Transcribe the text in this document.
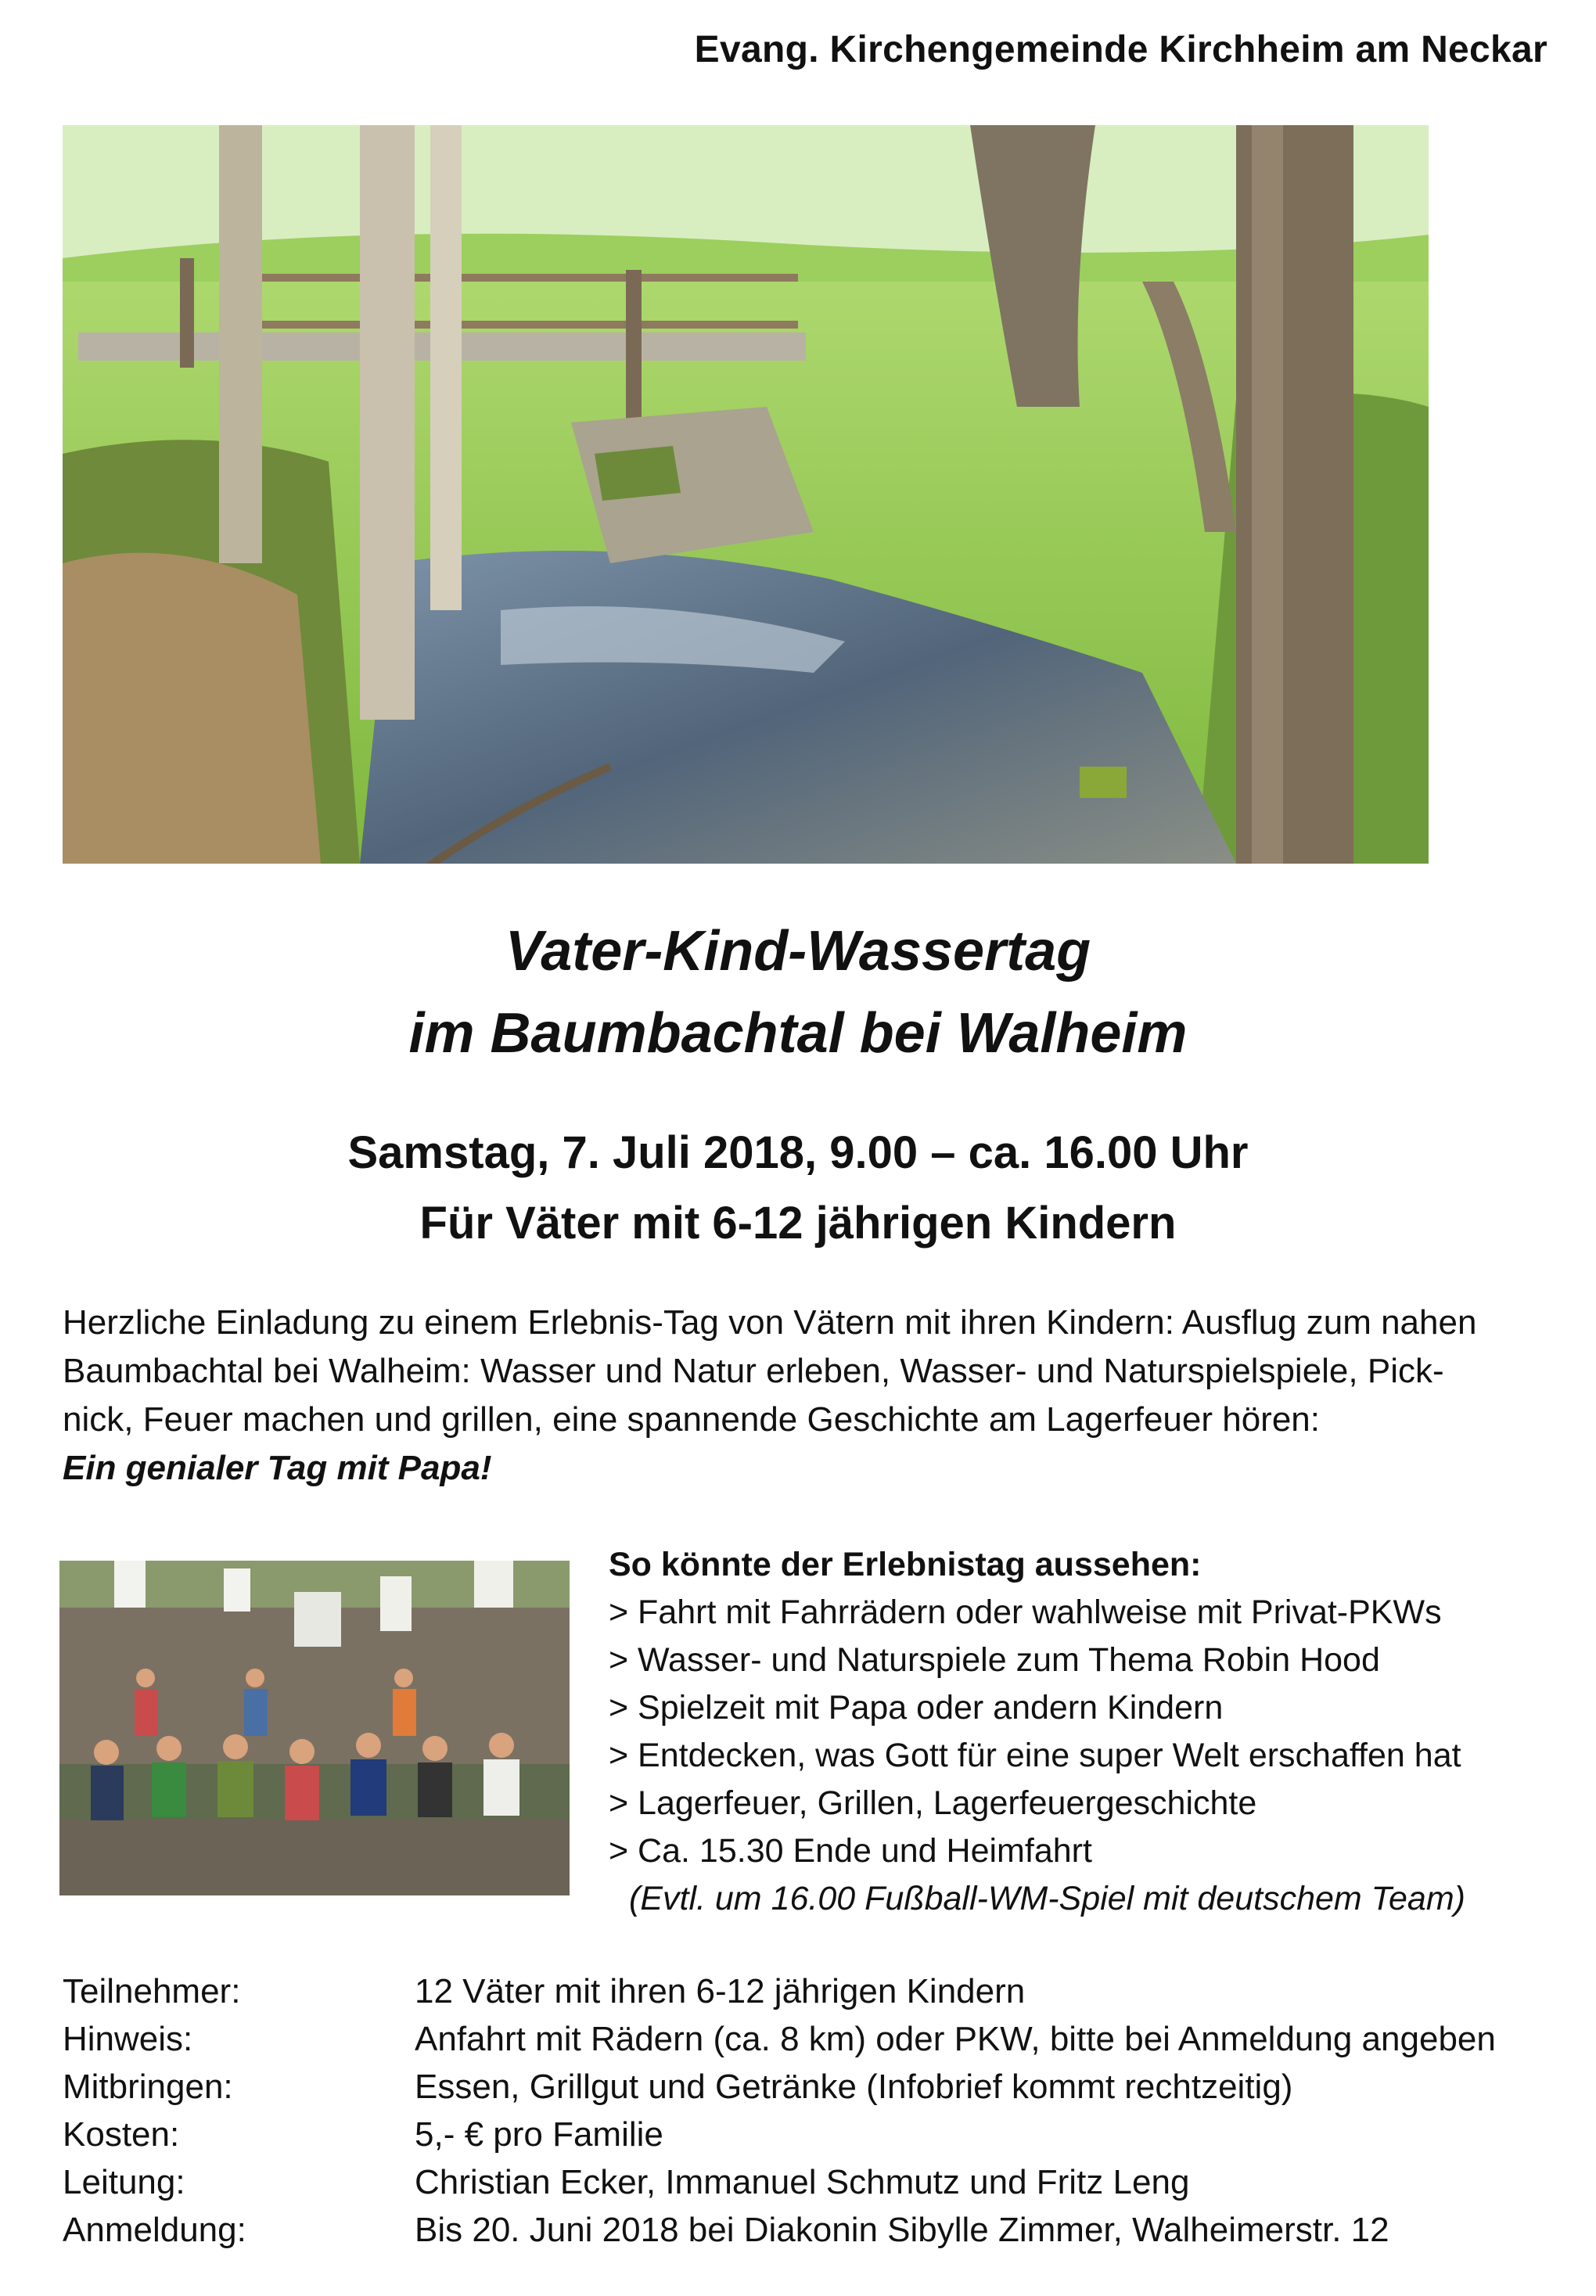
Evang. Kirchengemeinde Kirchheim am Neckar
Vater-Kind-Wassertag
im Baumbachtal bei Walheim
Samstag, 7. Juli 2018, 9.00 – ca. 16.00 Uhr
Für Väter mit 6-12 jährigen Kindern
Herzliche Einladung zu einem Erlebnis-Tag von Vätern mit ihren Kindern: Ausflug zum nahen
Baumbachtal bei Walheim: Wasser und Natur erleben, Wasser- und Naturspielspiele, Pick-
nick, Feuer machen und grillen, eine spannende Geschichte am Lagerfeuer hören:
Ein genialer Tag mit Papa!
So könnte der Erlebnistag aussehen:
> Fahrt mit Fahrrädern oder wahlweise mit Privat-PKWs
> Wasser- und Naturspiele zum Thema Robin Hood
> Spielzeit mit Papa oder andern Kindern
> Entdecken, was Gott für eine super Welt erschaffen hat
> Lagerfeuer, Grillen, Lagerfeuergeschichte
> Ca. 15.30 Ende und Heimfahrt
(Evtl. um 16.00 Fußball-WM-Spiel mit deutschem Team)
Teilnehmer:	12 Väter mit ihren 6-12 jährigen Kindern
Hinweis:	Anfahrt mit Rädern (ca. 8 km) oder PKW, bitte bei Anmeldung angeben
Mitbringen:	Essen, Grillgut und Getränke (Infobrief kommt rechtzeitig)
Kosten:	5,- € pro Familie
Leitung:	Christian Ecker, Immanuel Schmutz und Fritz Leng
Anmeldung:	Bis 20. Juni 2018 bei Diakonin Sibylle Zimmer, Walheimerstr. 12
